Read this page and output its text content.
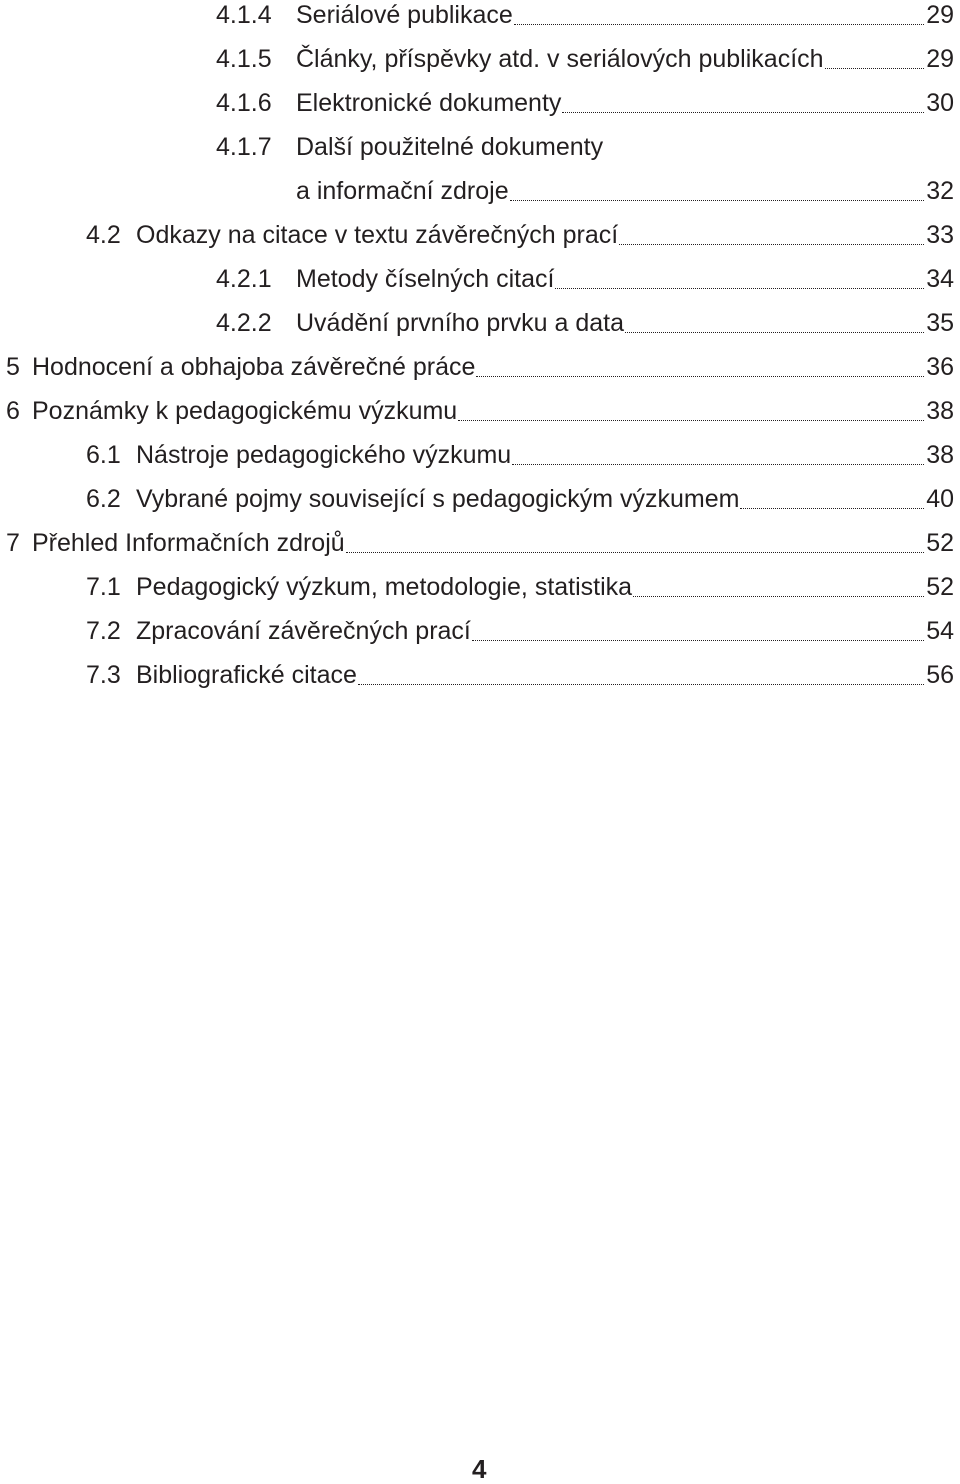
4.1.4 Seriálové publikace	29
4.1.5 Články, příspěvky atd. v seriálových publikacích	29
4.1.6 Elektronické dokumenty	30
4.1.7 Další použitelné dokumenty
a informační zdroje	32
4.2 Odkazy na citace v textu závěrečných prací	33
4.2.1 Metody číselných citací	34
4.2.2 Uvádění prvního prvku a data	35
5 Hodnocení a obhajoba závěrečné práce	36
6 Poznámky k pedagogickému výzkumu	38
6.1 Nástroje pedagogického výzkumu	38
6.2 Vybrané pojmy související s pedagogickým výzkumem	40
7 Přehled Informačních zdrojů	52
7.1 Pedagogický výzkum, metodologie, statistika	52
7.2 Zpracování závěrečných prací	54
7.3 Bibliografické citace	56
4
